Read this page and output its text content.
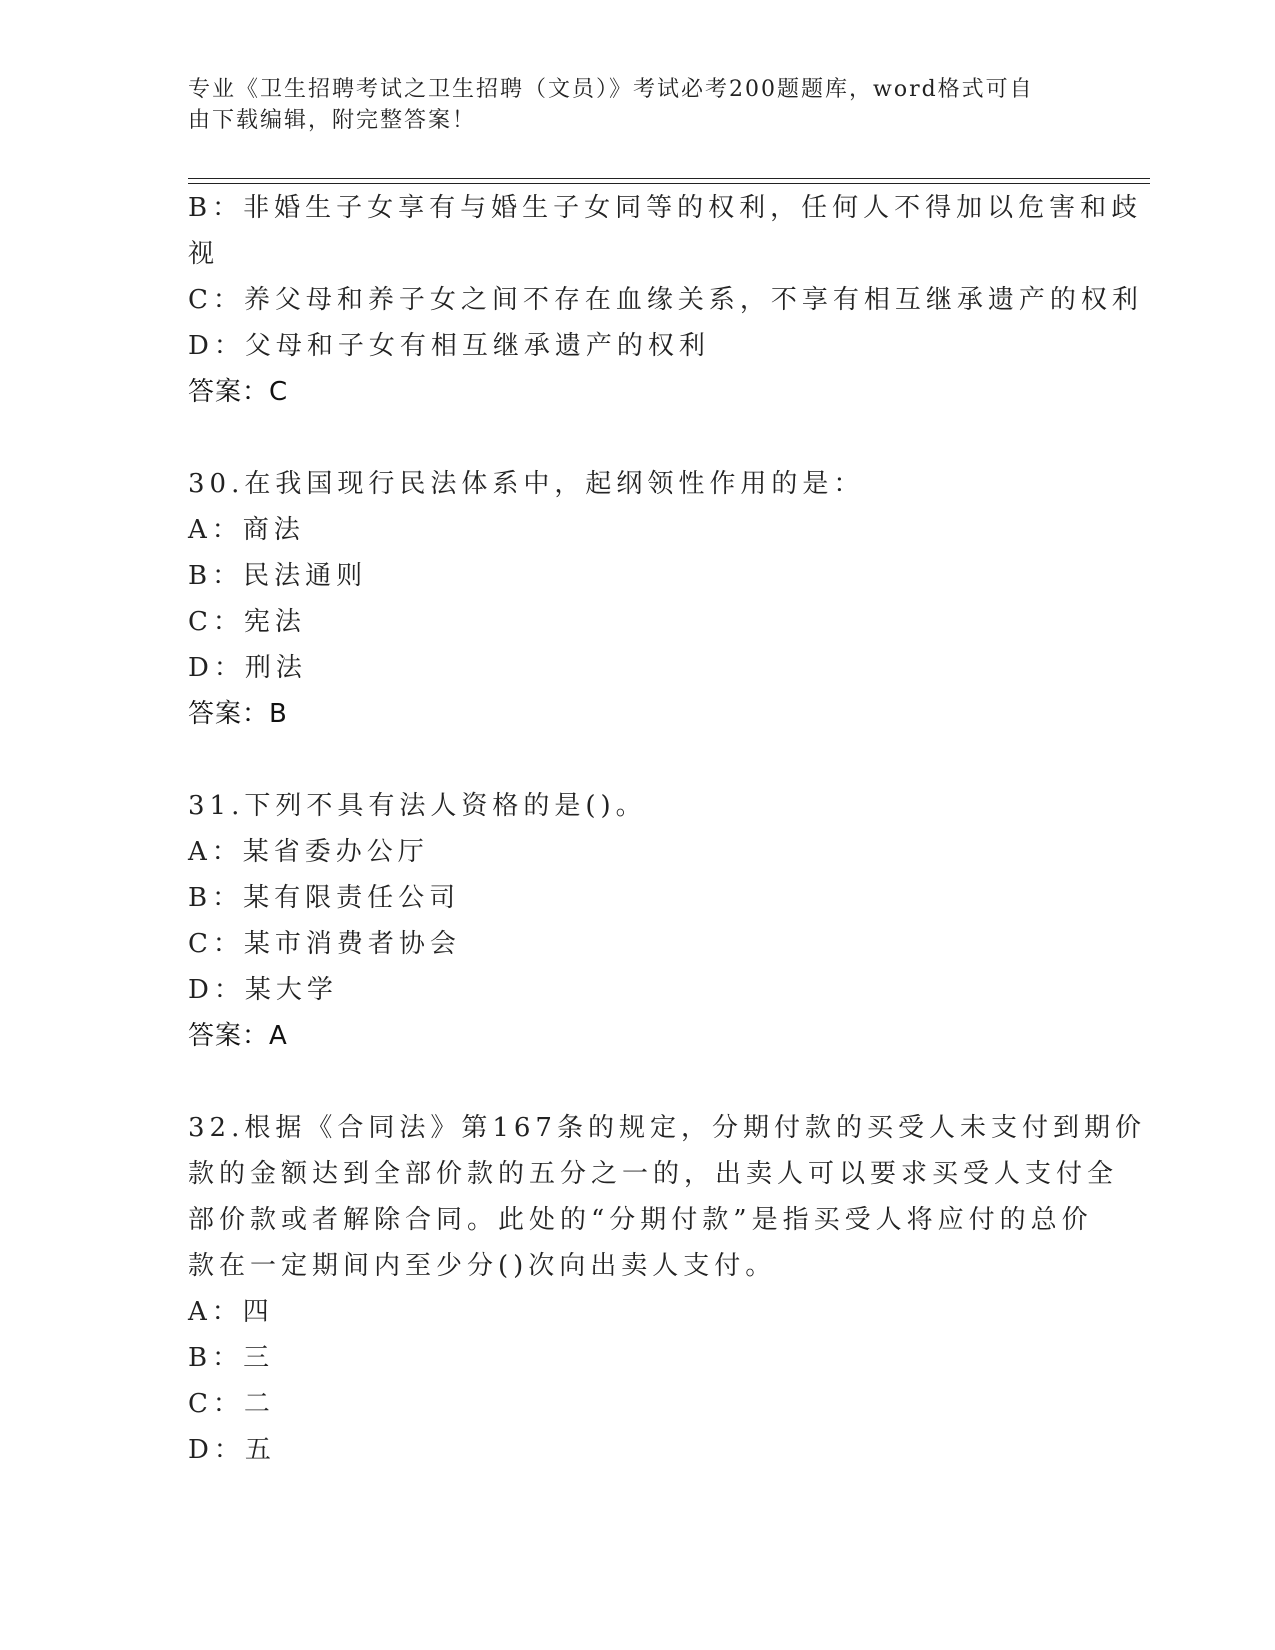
专业《卫生招聘考试之卫生招聘（文员）》考试必考200题题库，word格式可自
由下载编辑，附完整答案！
B：非婚生子女享有与婚生子女同等的权利，任何人不得加以危害和歧
视
C：养父母和养子女之间不存在血缘关系，不享有相互继承遗产的权利
D：父母和子女有相互继承遗产的权利
答案：C
30.在我国现行民法体系中，起纲领性作用的是：
A：商法
B：民法通则
C：宪法
D：刑法
答案：B
31.下列不具有法人资格的是()。
A：某省委办公厅
B：某有限责任公司
C：某市消费者协会
D：某大学
答案：A
32.根据《合同法》第167条的规定，分期付款的买受人未支付到期价
款的金额达到全部价款的五分之一的，出卖人可以要求买受人支付全
部价款或者解除合同。此处的“分期付款”是指买受人将应付的总价
款在一定期间内至少分()次向出卖人支付。
A：四
B：三
C：二
D：五
